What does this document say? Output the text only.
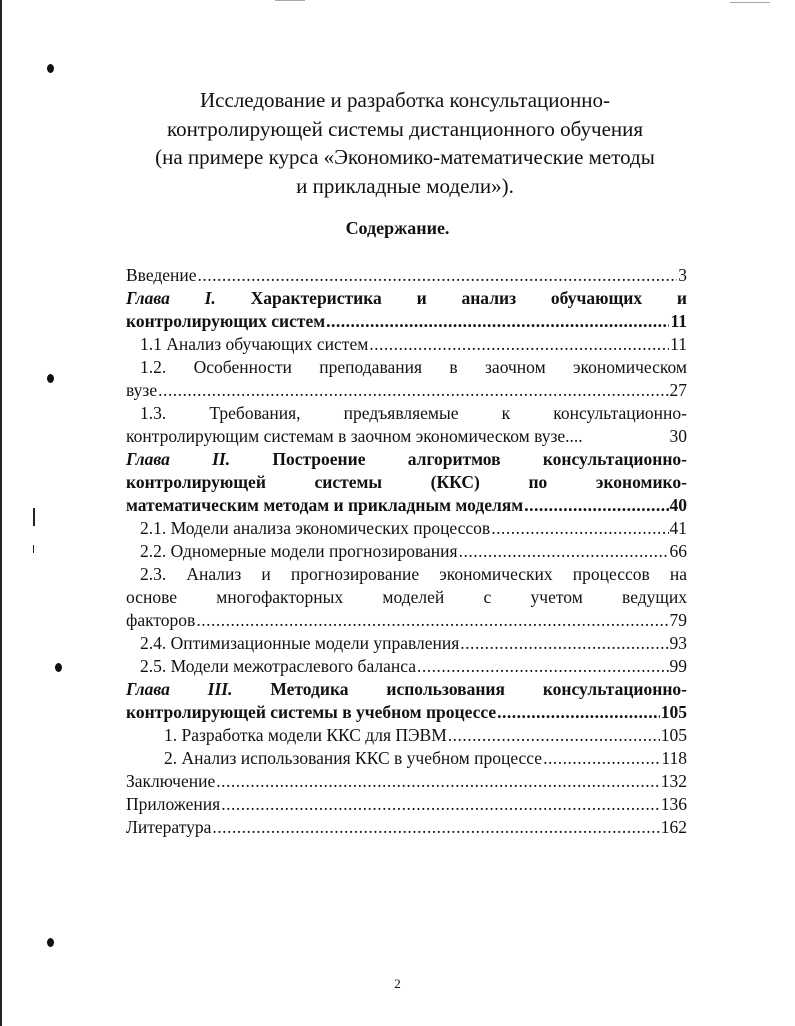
Исследование и разработка консультационно-
контролирующей системы дистанционного обучения
(на примере курса «Экономико-математические методы
и прикладные модели»).
Содержание.
Введение .....	3
Глава I. Характеристика и анализ обучающих и
контролирующих систем .....	11
1.1 Анализ обучающих систем .....	11
1.2. Особенности преподавания в заочном экономическом
вузе .....	27
1.3. Требования, предъявляемые к консультационно-
контролирующим системам в заочном экономическом вузе....	30
Глава II. Построение алгоритмов консультационно-
контролирующей системы (ККС) по экономико-
математическим методам и прикладным моделям .....	40
2.1. Модели анализа экономических процессов .....	41
2.2. Одномерные модели прогнозирования .....	66
2.3. Анализ и прогнозирование экономических процессов на
основе многофакторных моделей с учетом ведущих
факторов .....	79
2.4. Оптимизационные модели управления .....	93
2.5. Модели межотраслевого баланса .....	99
Глава III. Методика использования консультационно-
контролирующей системы в учебном процессе .....	105
1. Разработка модели ККС для ПЭВМ .....	105
2. Анализ использования ККС в учебном процессе .....	118
Заключение .....	132
Приложения .....	136
Литература .....	162
2
